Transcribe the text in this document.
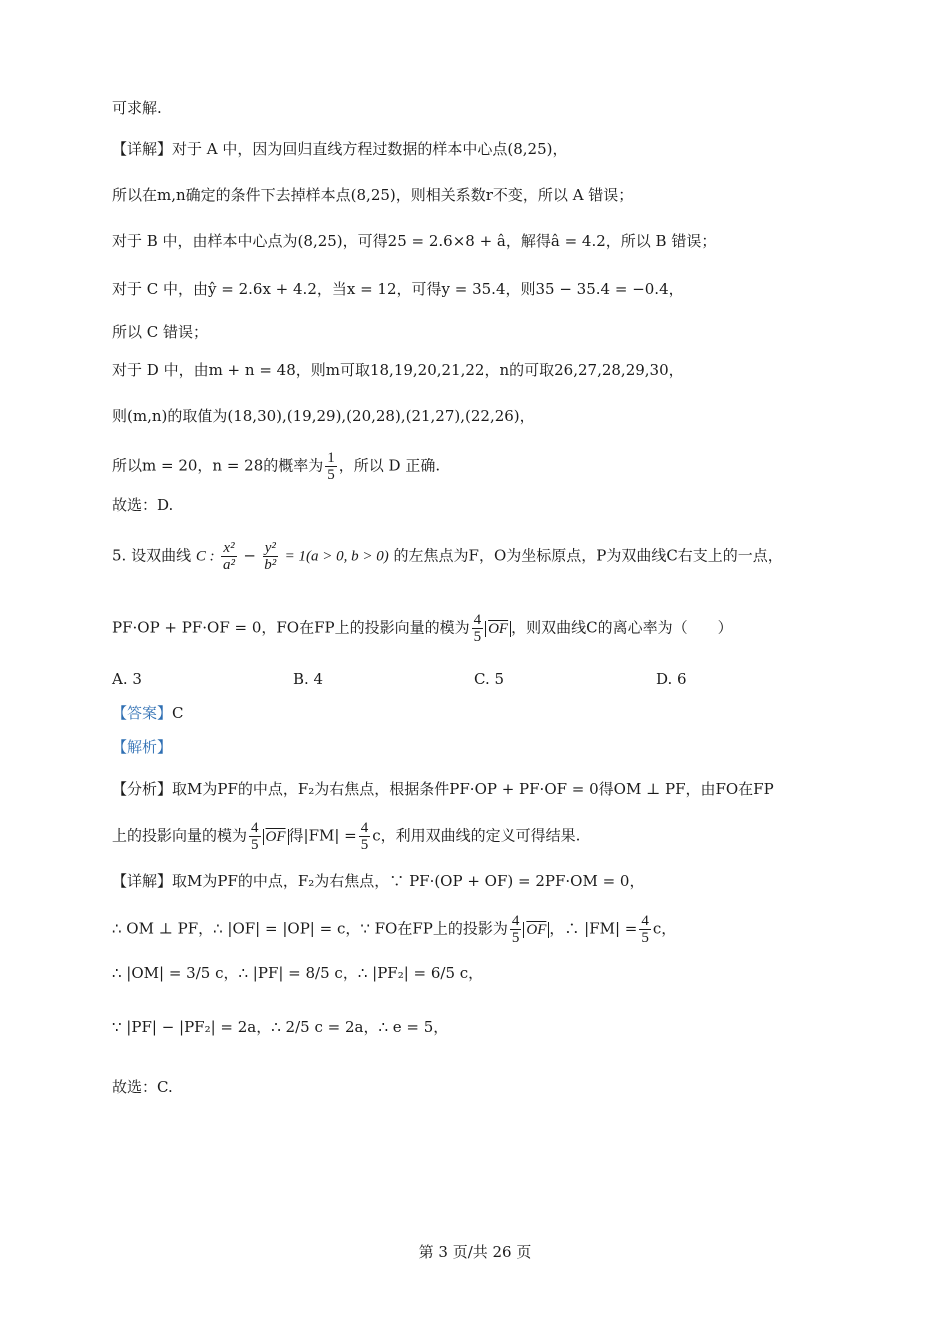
可求解.
【详解】对于 A 中，因为回归直线方程过数据的样本中心点(8,25)，
所以在m,n确定的条件下去掉样本点(8,25)，则相关系数r不变，所以 A 错误；
对于 B 中，由样本中心点为(8,25)，可得25 = 2.6×8 + â，解得â = 4.2，所以 B 错误；
对于 C 中，由ŷ = 2.6x + 4.2，当x = 12，可得y = 35.4，则35 − 35.4 = −0.4，
所以 C 错误；
对于 D 中，由m + n = 48，则m可取18,19,20,21,22，n的可取26,27,28,29,30，
则(m,n)的取值为(18,30),(19,29),(20,28),(21,27),(22,26)，
所以m = 20，n = 28的概率为 $\frac{1}{5}$ ，所以 D 正确.
故选：D.
5. 设双曲线 C : $\frac{\text{x²}}{\text{a²}} - \frac{\text{y²}}{\text{b²}} = 1(a > 0$, b > 0) 的左焦点为F，O为坐标原点，P为双曲线C右支上的一点，
PF·OP + PF·OF = 0，FO在FP上的投影向量的模为 $\frac{4}{5} \overline{OF}$ ，则双曲线C的离心率为（　　）
A. 3	B. 4	C. 5	D. 6
【答案】C
【解析】
【分析】取M为PF的中点，F₂为右焦点，根据条件PF·OP + PF·OF = 0得OM ⊥ PF，由FO在FP
上的投影向量的模为 $\frac{4}{5} \overline{OF}$ 得$|FM| = \frac{4}{5}$ c，利用双曲线的定义可得结果.
【详解】取M为PF的中点，F₂为右焦点，∵ PF·(OP + OF) = 2PF·OM = 0，
∴ OM ⊥ PF，∴ |OF| = |OP| = c，∵ FO在FP上的投影为 $\frac{4}{5} \overline{OF}$ ，∴ $|FM| = \frac{4}{5}$ c，
∴ |OM| = 3/5 c，∴ |PF| = 8/5 c，∴ |PF₂| = 6/5 c，
∵ |PF| − |PF₂| = 2a，∴ 2/5 c = 2a，∴ e = 5，
故选：C.
第 3 页/共 26 页
